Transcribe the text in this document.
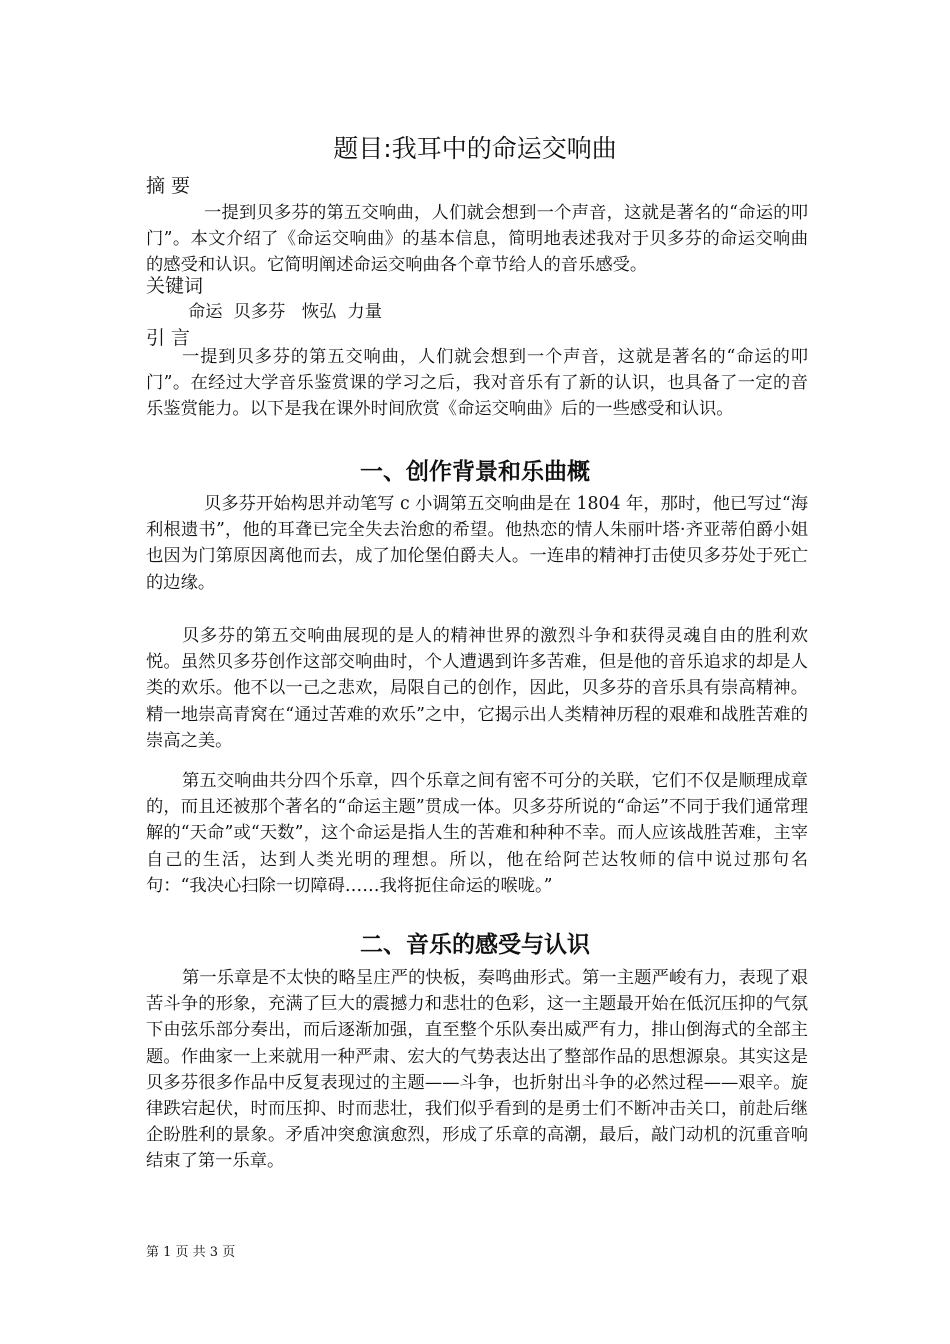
题目:我耳中的命运交响曲

摘 要

一提到贝多芬的第五交响曲，人们就会想到一个声音，这就是著名的“命运的叩门”。本文介绍了《命运交响曲》的基本信息，简明地表述我对于贝多芬的命运交响曲的感受和认识。它简明阐述命运交响曲各个章节给人的音乐感受。

关键词

命运  贝多芬   恢弘  力量

引 言

一提到贝多芬的第五交响曲，人们就会想到一个声音，这就是著名的“命运的叩门”。在经过大学音乐鉴赏课的学习之后，我对音乐有了新的认识，也具备了一定的音乐鉴赏能力。以下是我在课外时间欣赏《命运交响曲》后的一些感受和认识。

一、创作背景和乐曲概

贝多芬开始构思并动笔写 c 小调第五交响曲是在 1804 年，那时，他已写过“海利根遗书”，他的耳聋已完全失去治愈的希望。他热恋的情人朱丽叶塔·齐亚蒂伯爵小姐也因为门第原因离他而去，成了加伦堡伯爵夫人。一连串的精神打击使贝多芬处于死亡的边缘。

贝多芬的第五交响曲展现的是人的精神世界的激烈斗争和获得灵魂自由的胜利欢悦。虽然贝多芬创作这部交响曲时，个人遭遇到许多苦难，但是他的音乐追求的却是人类的欢乐。他不以一己之悲欢，局限自己的创作，因此，贝多芬的音乐具有崇高精神。精一地崇高青窝在“通过苦难的欢乐”之中，它揭示出人类精神历程的艰难和战胜苦难的崇高之美。

第五交响曲共分四个乐章，四个乐章之间有密不可分的关联，它们不仅是顺理成章的，而且还被那个著名的“命运主题”贯成一体。贝多芬所说的“命运”不同于我们通常理解的“天命”或“天数”，这个命运是指人生的苦难和种种不幸。而人应该战胜苦难，主宰自己的生活，达到人类光明的理想。所以，他在给阿芒达牧师的信中说过那句名句：“我决心扫除一切障碍……我将扼住命运的喉咙。”

二、音乐的感受与认识

第一乐章是不太快的略呈庄严的快板，奏鸣曲形式。第一主题严峻有力，表现了艰苦斗争的形象，充满了巨大的震撼力和悲壮的色彩，这一主题最开始在低沉压抑的气氛下由弦乐部分奏出，而后逐渐加强，直至整个乐队奏出威严有力，排山倒海式的全部主题。作曲家一上来就用一种严肃、宏大的气势表达出了整部作品的思想源泉。其实这是贝多芬很多作品中反复表现过的主题——斗争，也折射出斗争的必然过程——艰辛。旋律跌宕起伏，时而压抑、时而悲壮，我们似乎看到的是勇士们不断冲击关口，前赴后继企盼胜利的景象。矛盾冲突愈演愈烈，形成了乐章的高潮，最后，敲门动机的沉重音响结束了第一乐章。

第 1 页 共 3 页
